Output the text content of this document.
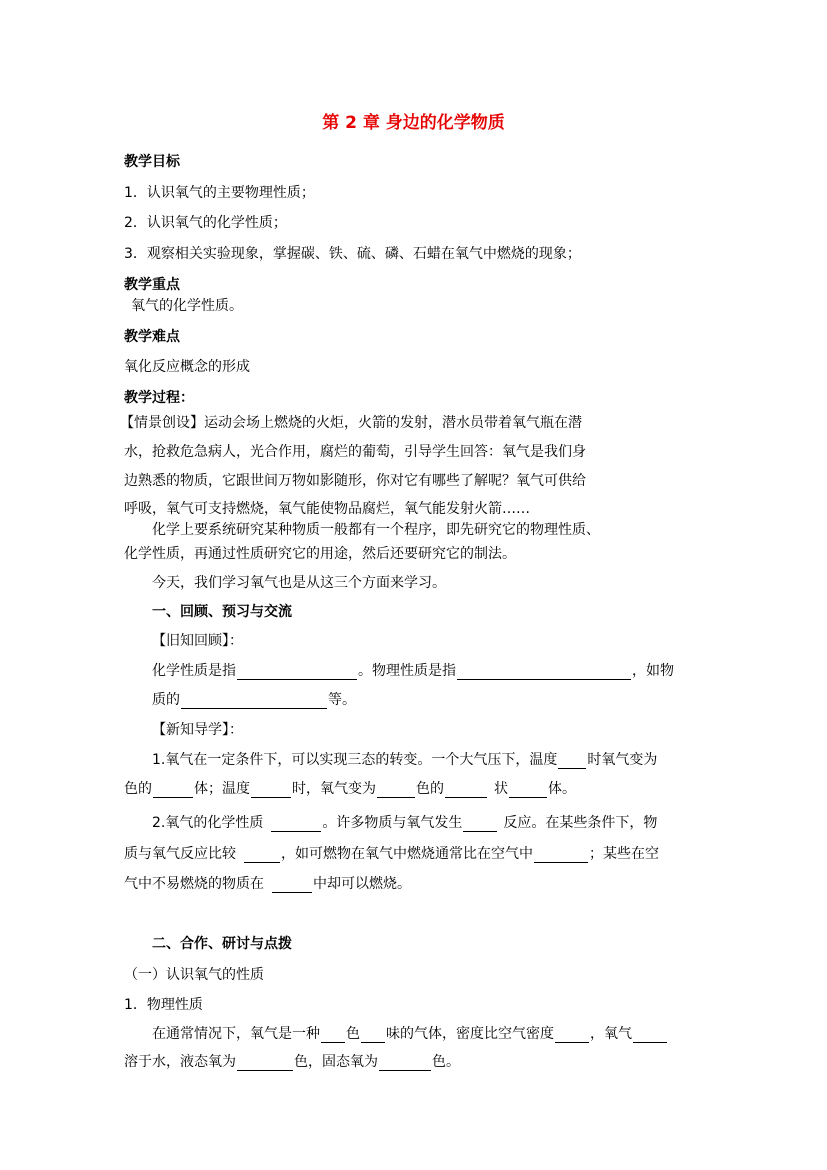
第 2 章 身边的化学物质
教学目标
1．认识氧气的主要物理性质；
2．认识氧气的化学性质；
3．观察相关实验现象，掌握碳、铁、硫、磷、石蜡在氧气中燃烧的现象；
教学重点
氧气的化学性质。
教学难点
氧化反应概念的形成
教学过程：
【情景创设】运动会场上燃烧的火炬，火箭的发射，潜水员带着氧气瓶在潜
水，抢救危急病人，光合作用，腐烂的葡萄，引导学生回答：氧气是我们身
边熟悉的物质，它跟世间万物如影随形，你对它有哪些了解呢？氧气可供给
呼吸，氧气可支持燃烧，氧气能使物品腐烂，氧气能发射火箭……
化学上要系统研究某种物质一般都有一个程序，即先研究它的物理性质、
化学性质，再通过性质研究它的用途，然后还要研究它的制法。
今天，我们学习氧气也是从这三个方面来学习。
一、回顾、预习与交流
【旧知回顾】：
化学性质是指	。物理性质是指	，如物
质的	等。
【新知导学】：
1.氧气在一定条件下，可以实现三态的转变。一个大气压下，温度 时氧气变为
色的	体；温度	时，氧气变为	色的	状	体。
2.氧气的化学性质	。许多物质与氧气发生	反应。在某些条件下，物
质与氧气反应比较	，如可燃物在氧气中燃烧通常比在空气中	；某些在空
气中不易燃烧的物质在	中却可以燃烧。
二、合作、研讨与点拨
（一）认识氧气的性质
1．物理性质
在通常情况下，氧气是一种 色 味的气体，密度比空气密度	，氧气
溶于水，液态氧为	色，固态氧为	色。
